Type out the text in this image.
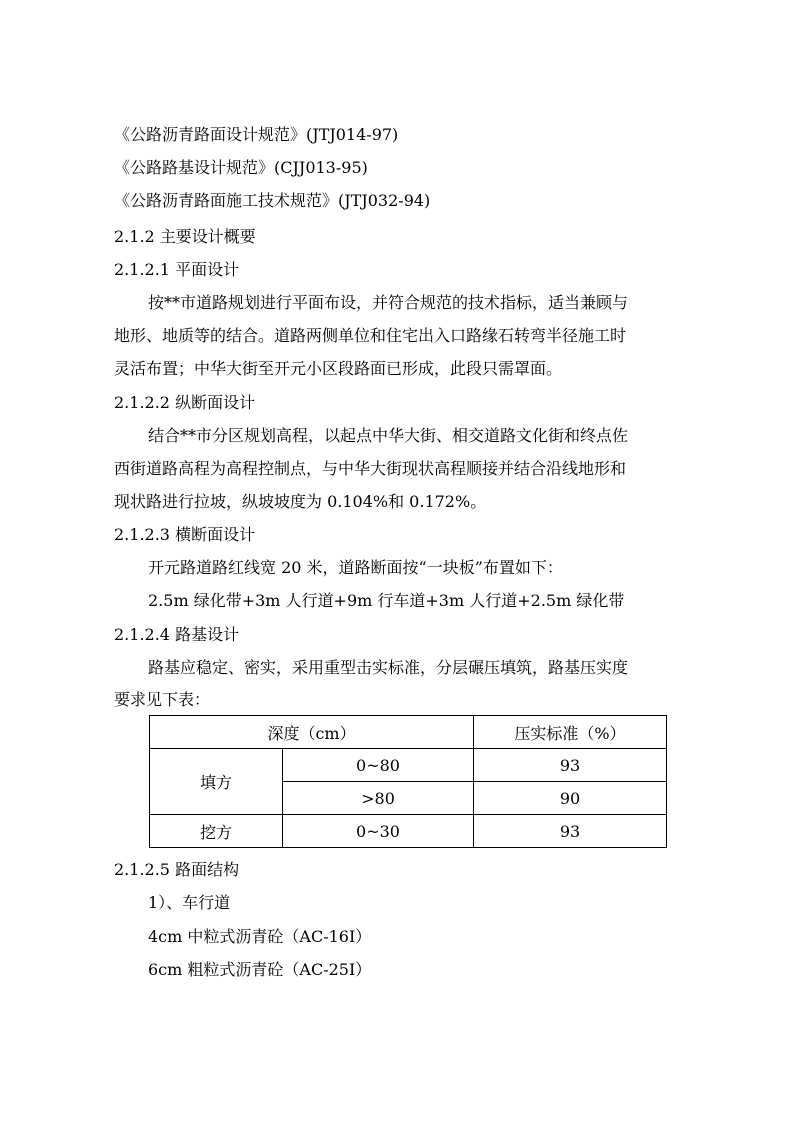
《公路沥青路面设计规范》(JTJ014-97)
《公路路基设计规范》(CJJ013-95)
《公路沥青路面施工技术规范》(JTJ032-94)
2.1.2 主要设计概要
2.1.2.1 平面设计
按**市道路规划进行平面布设，并符合规范的技术指标，适当兼顾与
地形、地质等的结合。道路两侧单位和住宅出入口路缘石转弯半径施工时
灵活布置；中华大街至开元小区段路面已形成，此段只需罩面。
2.1.2.2 纵断面设计
结合**市分区规划高程，以起点中华大街、相交道路文化街和终点佐
西街道路高程为高程控制点，与中华大街现状高程顺接并结合沿线地形和
现状路进行拉坡，纵坡坡度为 0.104%和 0.172%。
2.1.2.3 横断面设计
开元路道路红线宽 20 米，道路断面按“一块板”布置如下：
2.5m 绿化带+3m 人行道+9m 行车道+3m 人行道+2.5m 绿化带
2.1.2.4 路基设计
路基应稳定、密实，采用重型击实标准，分层碾压填筑，路基压实度
要求见下表：
深度（cm）		压实标准（%）
填方	0~80	93
	>80	90
挖方	0~30	93
2.1.2.5 路面结构
1）、车行道
4cm 中粒式沥青砼（AC-16I）
6cm 粗粒式沥青砼（AC-25I）
